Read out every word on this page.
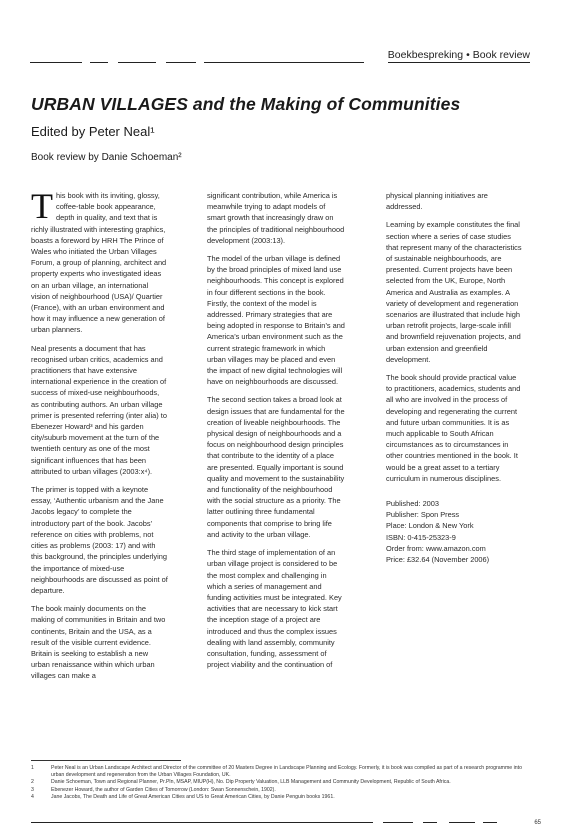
Boekbespreking • Book review
URBAN VILLAGES and the Making of Communities

Edited by Peter Neal¹

Book review by Danie Schoeman²

This book with its inviting, glossy, coffee-table book appearance, depth in quality, and text that is richly illustrated with interesting graphics, boasts a foreword by HRH The Prince of Wales who initiated the Urban Villages Forum, a group of planning, architect and property experts who investigated ideas on an urban village, an international vision of neighbourhood (USA)/ Quartier (France), with an urban environment and how it may influence a new generation of urban planners.

Neal presents a document that has recognised urban critics, academics and practitioners that have extensive international experience in the creation of success of mixed-use neighbourhoods, as contributing authors. An urban village primer is presented referring (inter alia) to Ebenezer Howard³ and his garden city/suburb movement at the turn of the twentieth century as one of the most significant influences that has been attributed to urban villages (2003:x⁴).

The primer is topped with a keynote essay, ‘Authentic urbanism and the Jane Jacobs legacy’ to complete the introductory part of the book. Jacobs’ reference on cities with problems, not cities as problems (2003: 17) and with this background, the principles underlying the importance of mixed-use neighbourhoods are discussed as point of departure.

The book mainly documents on the making of communities in Britain and two continents, Britain and the USA, as a result of the visible current evidence. Britain is seeking to establish a new urban renaissance within which urban villages can make a

significant contribution, while America is meanwhile trying to adapt models of smart growth that increasingly draw on the principles of traditional neighbourhood development (2003:13).

The model of the urban village is defined by the broad principles of mixed land use neighbourhoods. This concept is explored in four different sections in the book. Firstly, the context of the model is addressed. Primary strategies that are being adopted in response to Britain’s and America’s urban environment such as the current strategic framework in which urban villages may be placed and even the impact of new digital technologies will have on neighbourhoods are discussed.

The second section takes a broad look at design issues that are fundamental for the creation of liveable neighbourhoods. The physical design of neighbourhoods and a focus on neighbourhood design principles that contribute to the identity of a place are presented. Equally important is sound quality and movement to the sustainability and functionality of the neighbourhood with the social structure as a priority. The latter outlining three fundamental components that comprise to bring life and activity to the urban village.

The third stage of implementation of an urban village project is considered to be the most complex and challenging in which a series of management and funding activities must be integrated. Key activities that are necessary to kick start the inception stage of a project are introduced and thus the complex issues dealing with land assembly, community consultation, funding, assessment of project viability and the continuation of

physical planning initiatives are addressed.

Learning by example constitutes the final section where a series of case studies that represent many of the characteristics of sustainable neighbourhoods, are presented. Current projects have been selected from the UK, Europe, North America and Australia as examples. A variety of development and regeneration scenarios are illustrated that include high urban retrofit projects, large-scale infill and brownfield rejuvenation projects, and urban extension and greenfield development.

The book should provide practical value to practitioners, academics, students and all who are involved in the process of developing and regenerating the current and future urban communities. It is as much applicable to South African circumstances as to circumstances in other countries mentioned in the book. It would be a great asset to a tertiary curriculum in numerous disciplines.

Published: 2003
Publisher: Spon Press
Place: London & New York
ISBN: 0-415-25323-9
Order from: www.amazon.com
Price: £32.64 (November 2006)
1	Peter Neal is an Urban Landscape Architect and Director of the committee of 20 Masters Degree in Landscape Planning and Ecology. Formerly, it is book was compiled as part of a research programme into urban development and regeneration from the Urban Villages Foundation, UK.
2	Danie Schoeman, Town and Regional Planner, Pr.Pln, MSAP, MIUP(H), No. Dip Property Valuation, LLB Management and Community Development, Republic of South Africa.
3	Ebenezer Howard, the author of Garden Cities of Tomorrow (London: Swan Sonnenschein, 1902).
4	Jane Jacobs, The Death and Life of Great American Cities and US to Great American Cities, by Danie Penguin books 1961.
65
